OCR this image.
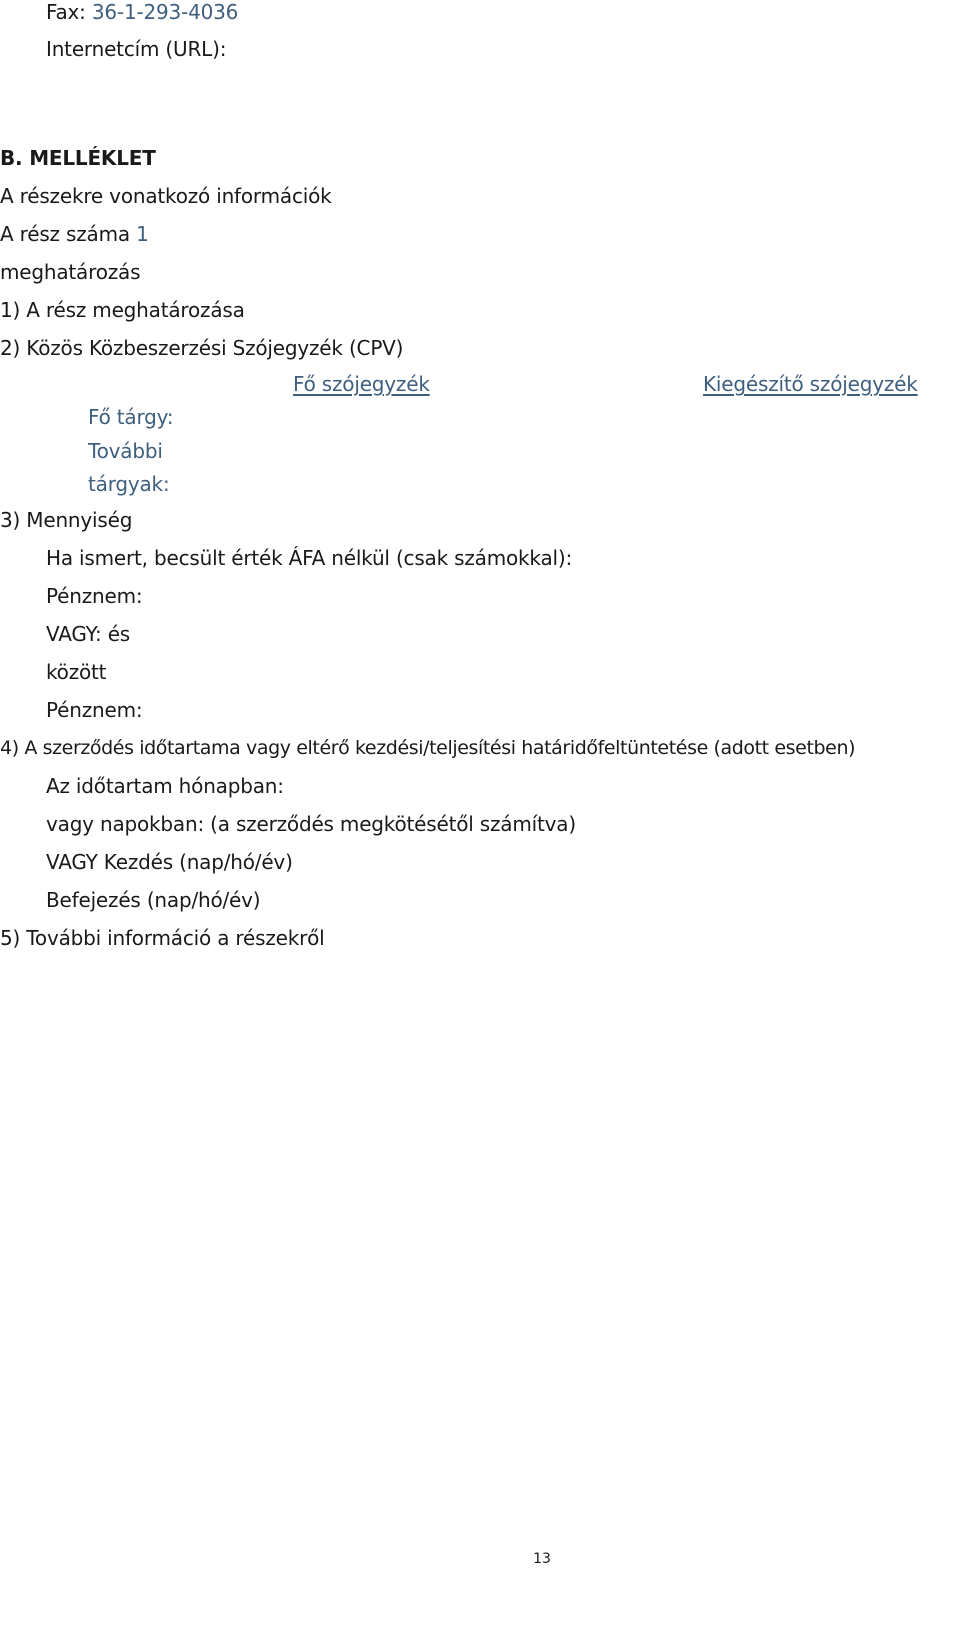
Fax: 36-1-293-4036
Internetcím (URL):
B. MELLÉKLET
A részekre vonatkozó információk
A rész száma 1
meghatározás
1) A rész meghatározása
2) Közös Közbeszerzési Szójegyzék (CPV)
Fő szójegyzék	Kiegészítő szójegyzék
Fő tárgy:
További
tárgyak:
3) Mennyiség
Ha ismert, becsült érték ÁFA nélkül (csak számokkal):
Pénznem:
VAGY: és
között
Pénznem:
4) A szerződés időtartama vagy eltérő kezdési/teljesítési határidőfeltüntetése (adott esetben)
Az időtartam hónapban:
vagy napokban: (a szerződés megkötésétől számítva)
VAGY Kezdés (nap/hó/év)
Befejezés (nap/hó/év)
5) További információ a részekről
13
